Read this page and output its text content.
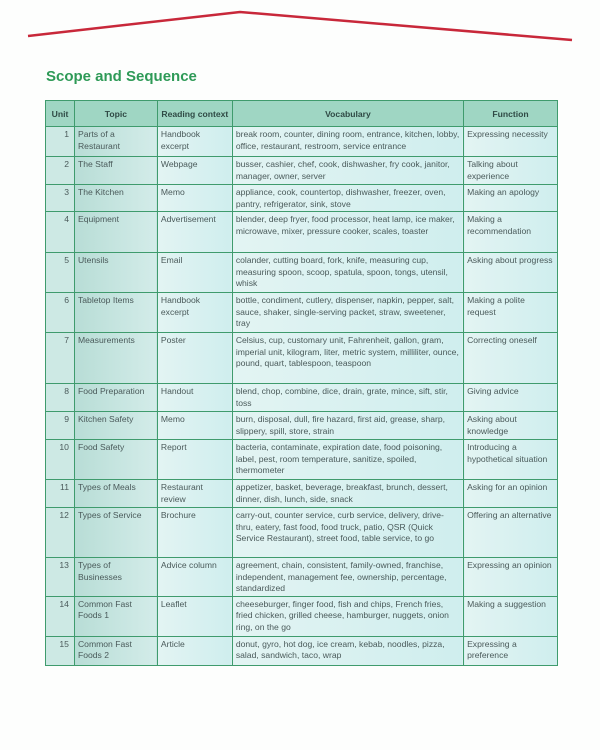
Scope and Sequence
Unit	Topic	Reading context	Vocabulary	Function
1	Parts of a Restaurant	Handbook excerpt	break room, counter, dining room, entrance, kitchen, lobby, office, restaurant, restroom, service entrance	Expressing necessity
2	The Staff	Webpage	busser, cashier, chef, cook, dishwasher, fry cook, janitor, manager, owner, server	Talking about experience
3	The Kitchen	Memo	appliance, cook, countertop, dishwasher, freezer, oven, pantry, refrigerator, sink, stove	Making an apology
4	Equipment	Advertisement	blender, deep fryer, food processor, heat lamp, ice maker, microwave, mixer, pressure cooker, scales, toaster	Making a recommendation
5	Utensils	Email	colander, cutting board, fork, knife, measuring cup, measuring spoon, scoop, spatula, spoon, tongs, utensil, whisk	Asking about progress
6	Tabletop Items	Handbook excerpt	bottle, condiment, cutlery, dispenser, napkin, pepper, salt, sauce, shaker, single-serving packet, straw, sweetener, tray	Making a polite request
7	Measurements	Poster	Celsius, cup, customary unit, Fahrenheit, gallon, gram, imperial unit, kilogram, liter, metric system, milliliter, ounce, pound, quart, tablespoon, teaspoon	Correcting oneself
8	Food Preparation	Handout	blend, chop, combine, dice, drain, grate, mince, sift, stir, toss	Giving advice
9	Kitchen Safety	Memo	burn, disposal, dull, fire hazard, first aid, grease, sharp, slippery, spill, store, strain	Asking about knowledge
10	Food Safety	Report	bacteria, contaminate, expiration date, food poisoning, label, pest, room temperature, sanitize, spoiled, thermometer	Introducing a hypothetical situation
11	Types of Meals	Restaurant review	appetizer, basket, beverage, breakfast, brunch, dessert, dinner, dish, lunch, side, snack	Asking for an opinion
12	Types of Service	Brochure	carry-out, counter service, curb service, delivery, drive-thru, eatery, fast food, food truck, patio, QSR (Quick Service Restaurant), street food, table service, to go	Offering an alternative
13	Types of Businesses	Advice column	agreement, chain, consistent, family-owned, franchise, independent, management fee, ownership, percentage, standardized	Expressing an opinion
14	Common Fast Foods 1	Leaflet	cheeseburger, finger food, fish and chips, French fries, fried chicken, grilled cheese, hamburger, nuggets, onion ring, on the go	Making a suggestion
15	Common Fast Foods 2	Article	donut, gyro, hot dog, ice cream, kebab, noodles, pizza, salad, sandwich, taco, wrap	Expressing a preference
